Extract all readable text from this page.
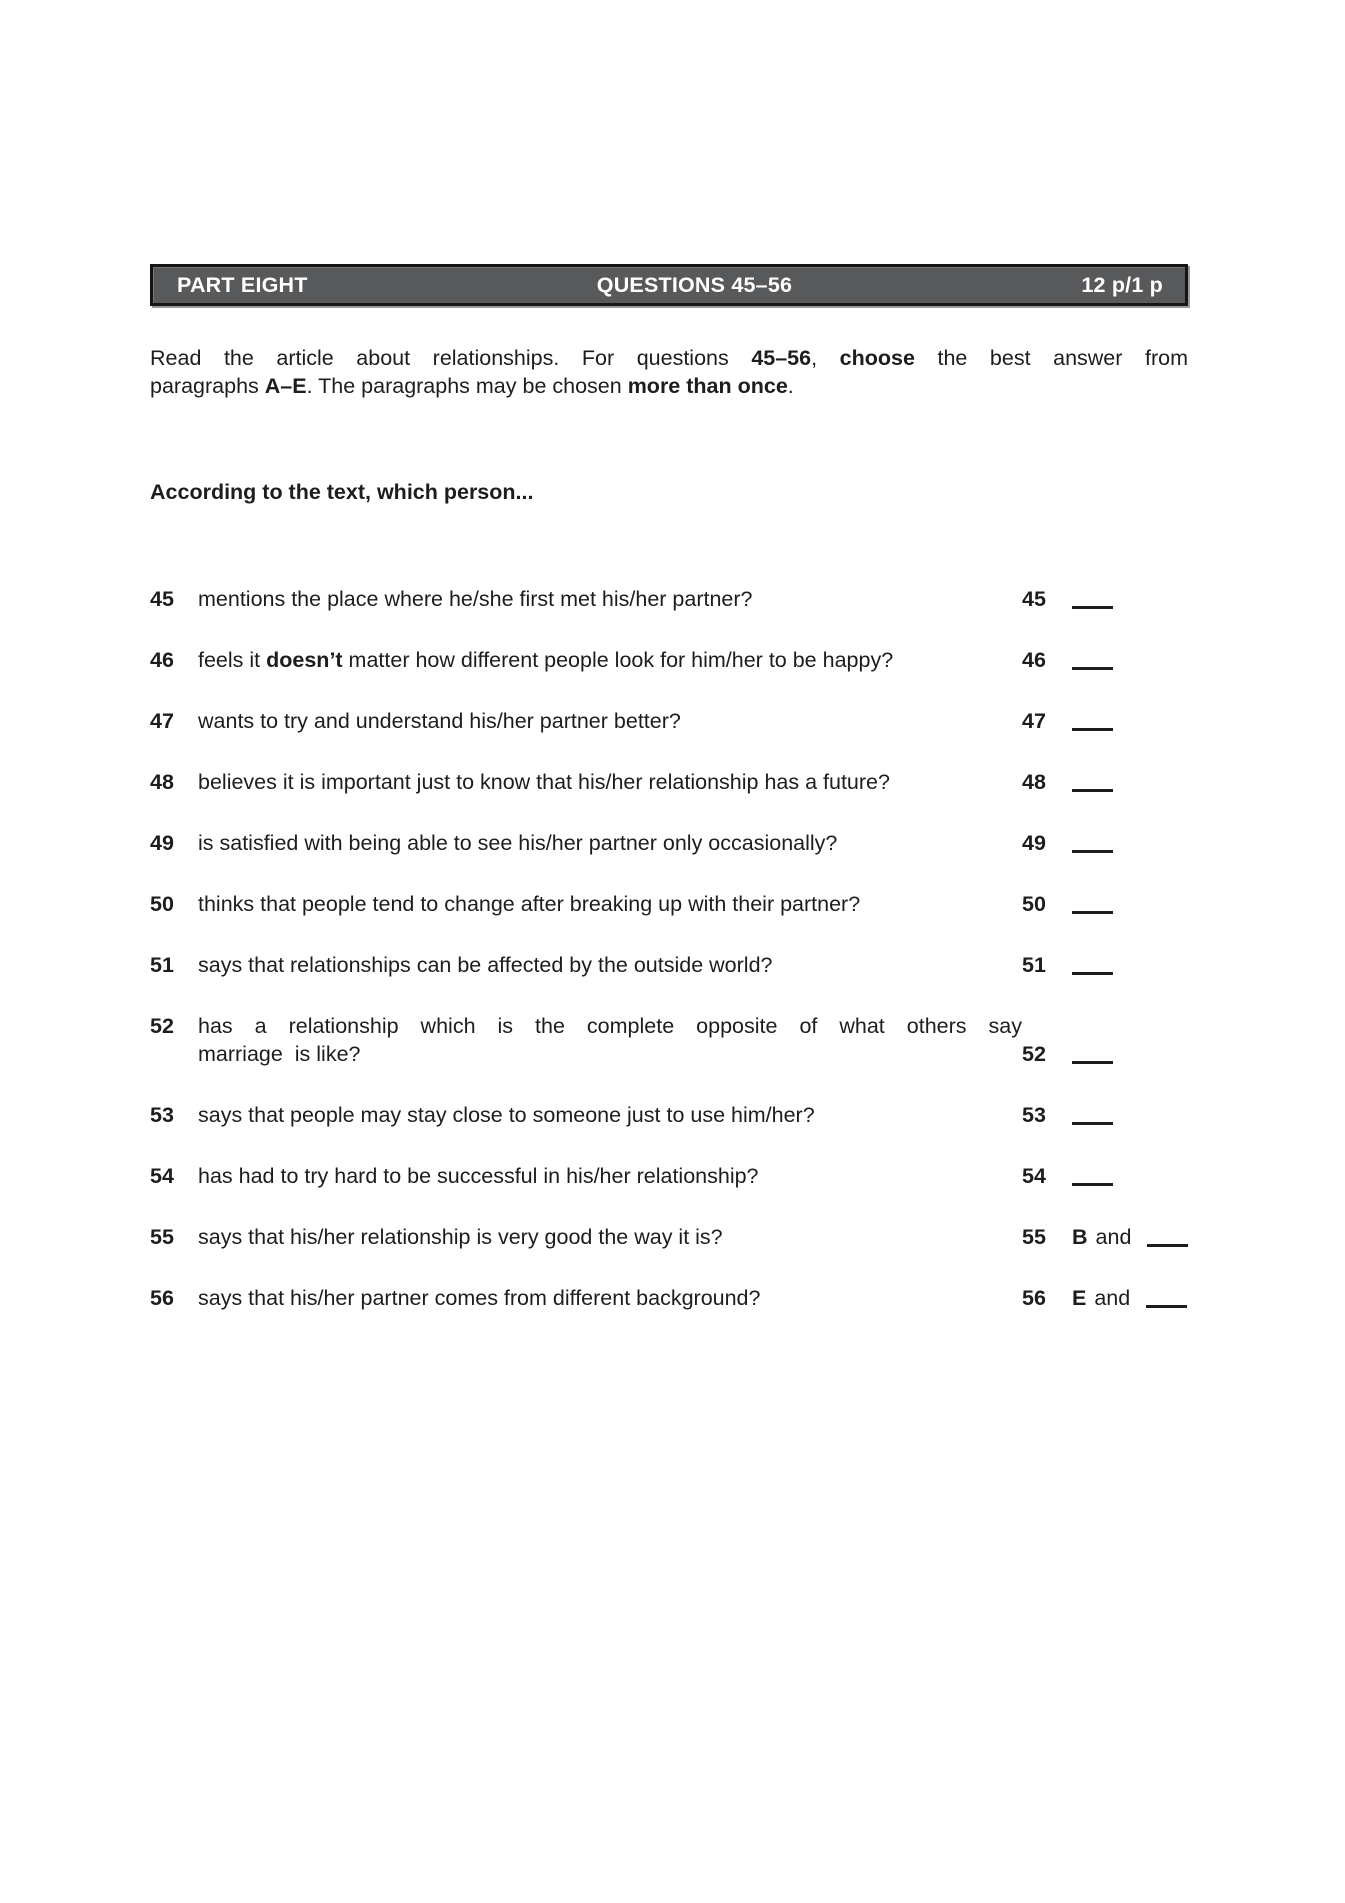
PART EIGHT	QUESTIONS 45–56	12 p/1 p
Read the article about relationships. For questions 45–56, choose the best answer from
paragraphs A–E. The paragraphs may be chosen more than once.
According to the text, which person...
45	mentions the place where he/she first met his/her partner?	45
46	feels it doesn’t matter how different people look for him/her to be happy?	46
47	wants to try and understand his/her partner better?	47
48	believes it is important just to know that his/her relationship has a future?	48
49	is satisfied with being able to see his/her partner only occasionally?	49
50	thinks that people tend to change after breaking up with their partner?	50
51	says that relationships can be affected by the outside world?	51
52	has a relationship which is the complete opposite of what others say
marriage  is like?	52
53	says that people may stay close to someone just to use him/her?	53
54	has had to try hard to be successful in his/her relationship?	54
55	says that his/her relationship is very good the way it is?	55	B and
56	says that his/her partner comes from different background?	56	E and
